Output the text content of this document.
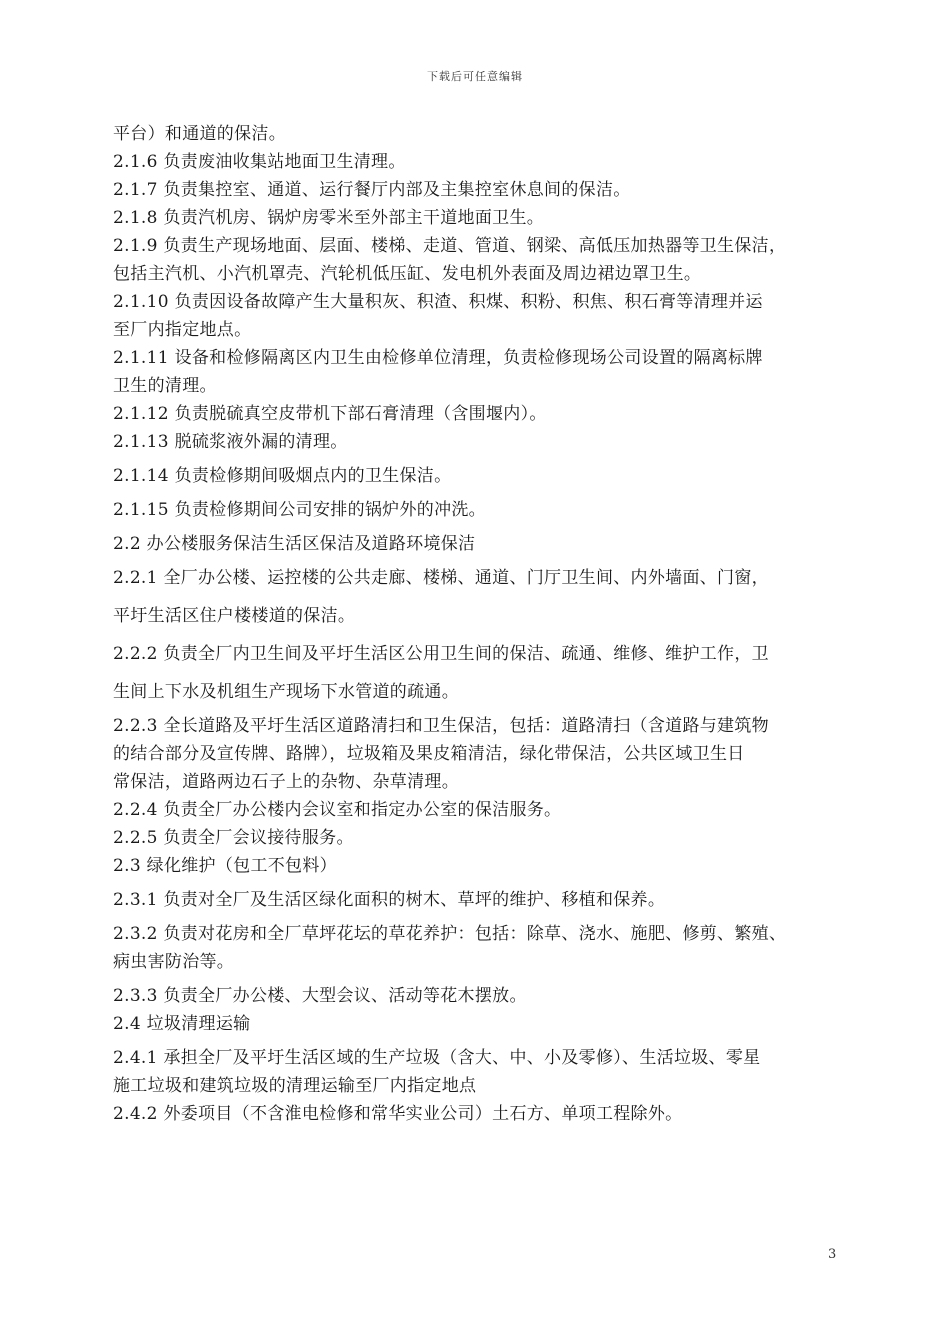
下载后可任意编辑
平台）和通道的保洁。
2.1.6 负责废油收集站地面卫生清理。
2.1.7 负责集控室、通道、运行餐厅内部及主集控室休息间的保洁。
2.1.8 负责汽机房、锅炉房零米至外部主干道地面卫生。
2.1.9 负责生产现场地面、层面、楼梯、走道、管道、钢梁、高低压加热器等卫生保洁，
包括主汽机、小汽机罩壳、汽轮机低压缸、发电机外表面及周边裙边罩卫生。
2.1.10 负责因设备故障产生大量积灰、积渣、积煤、积粉、积焦、积石膏等清理并运
至厂内指定地点。
2.1.11 设备和检修隔离区内卫生由检修单位清理，负责检修现场公司设置的隔离标牌
卫生的清理。
2.1.12 负责脱硫真空皮带机下部石膏清理（含围堰内）。
2.1.13 脱硫浆液外漏的清理。
2.1.14 负责检修期间吸烟点内的卫生保洁。
2.1.15 负责检修期间公司安排的锅炉外的冲洗。
2.2 办公楼服务保洁生活区保洁及道路环境保洁
2.2.1 全厂办公楼、运控楼的公共走廊、楼梯、通道、门厅卫生间、内外墙面、门窗，
平圩生活区住户楼楼道的保洁。
2.2.2 负责全厂内卫生间及平圩生活区公用卫生间的保洁、疏通、维修、维护工作，卫
生间上下水及机组生产现场下水管道的疏通。
2.2.3 全长道路及平圩生活区道路清扫和卫生保洁，包括：道路清扫（含道路与建筑物
的结合部分及宣传牌、路牌），垃圾箱及果皮箱清洁，绿化带保洁，公共区域卫生日
常保洁，道路两边石子上的杂物、杂草清理。
2.2.4 负责全厂办公楼内会议室和指定办公室的保洁服务。
2.2.5 负责全厂会议接待服务。
2.3 绿化维护（包工不包料）
2.3.1 负责对全厂及生活区绿化面积的树木、草坪的维护、移植和保养。
2.3.2 负责对花房和全厂草坪花坛的草花养护：包括：除草、浇水、施肥、修剪、繁殖、
病虫害防治等。
2.3.3 负责全厂办公楼、大型会议、活动等花木摆放。
2.4 垃圾清理运输
2.4.1 承担全厂及平圩生活区域的生产垃圾（含大、中、小及零修）、生活垃圾、零星
施工垃圾和建筑垃圾的清理运输至厂内指定地点
2.4.2 外委项目（不含淮电检修和常华实业公司）土石方、单项工程除外。
3
